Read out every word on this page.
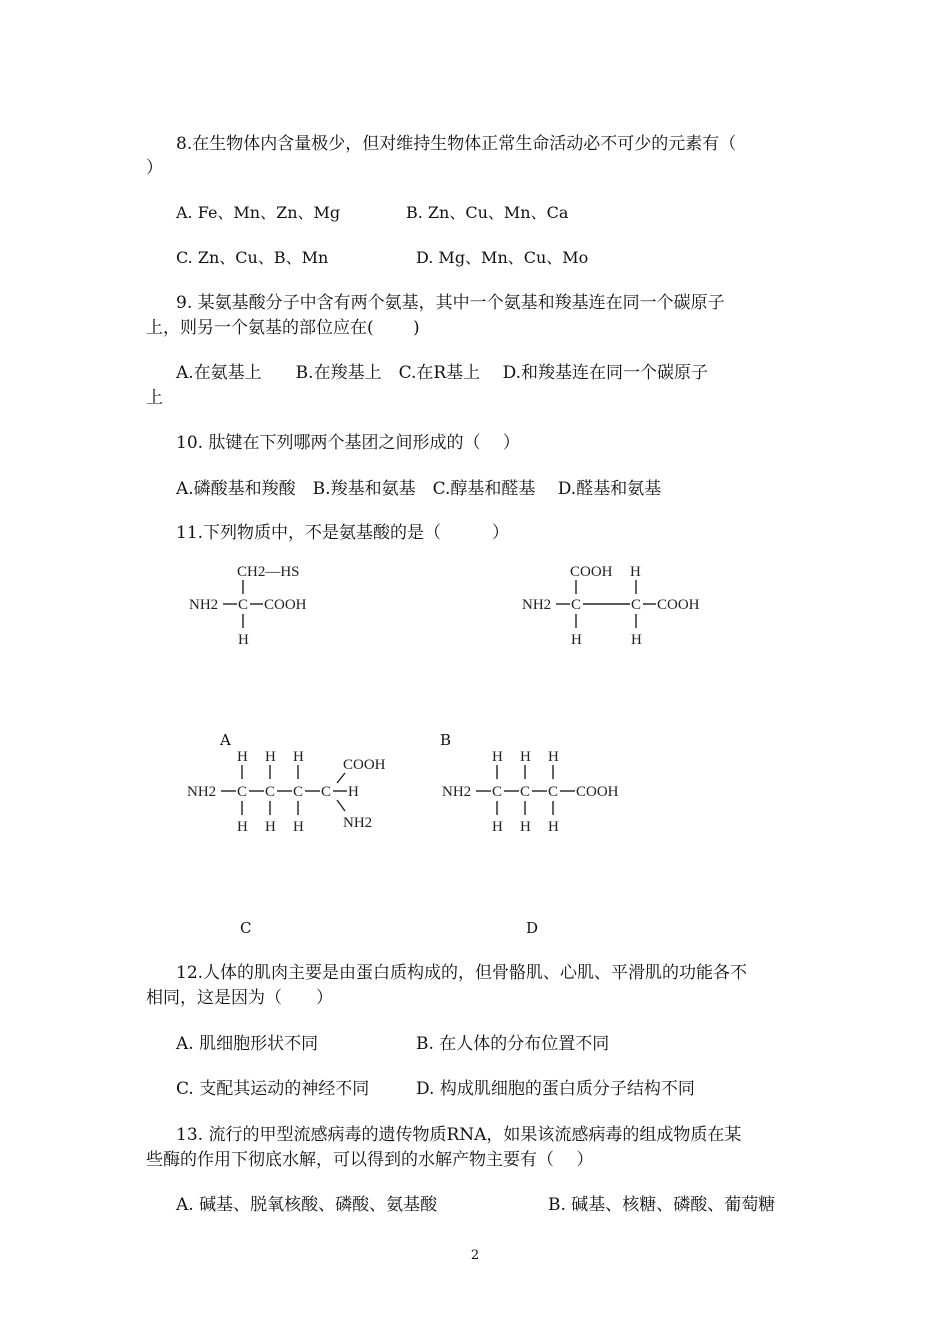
8.在生物体内含量极少，但对维持生物体正常生命活动必不可少的元素有（
）
A. Fe、Mn、Zn、Mg	B. Zn、Cu、Mn、Ca
C. Zn、Cu、B、Mn	D. Mg、Mn、Cu、Mo
9. 某氨基酸分子中含有两个氨基，其中一个氨基和羧基连在同一个碳原子
上，则另一个氨基的部位应在(　　 )
A.在氨基上　　B.在羧基上　C.在R基上　 D.和羧基连在同一个碳原子
上
10. 肽键在下列哪两个基团之间形成的（　 ）
A.磷酸基和羧酸　B.羧基和氨基　C.醇基和醛基　 D.醛基和氨基
11.下列物质中，不是氨基酸的是（　　　）
CH2—HS
NH2 C COOH
H
COOH H
NH2 C	C COOH
H	H
A	B
H H H	COOH
NH2 C C C C H
NH2
H H H
H H H
NH2 C C C COOH
H H H
C	D
12.人体的肌肉主要是由蛋白质构成的，但骨骼肌、心肌、平滑肌的功能各不
相同，这是因为（　　）
A. 肌细胞形状不同	B. 在人体的分布位置不同
C. 支配其运动的神经不同	D. 构成肌细胞的蛋白质分子结构不同
13. 流行的甲型流感病毒的遗传物质RNA，如果该流感病毒的组成物质在某
些酶的作用下彻底水解，可以得到的水解产物主要有（　 ）
A. 碱基、脱氧核酸、磷酸、氨基酸	B. 碱基、核糖、磷酸、葡萄糖
2
